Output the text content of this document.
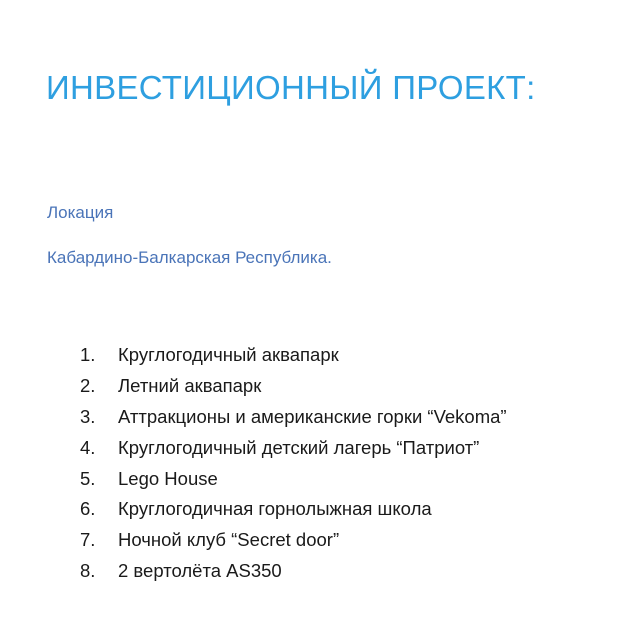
ИНВЕСТИЦИОННЫЙ ПРОЕКТ:
Локация
Кабардино-Балкарская Республика.
1.	Круглогодичный аквапарк
2.	Летний аквапарк
3.	Аттракционы и американские горки “Vekoma”
4.	Круглогодичный детский лагерь “Патриот”
5.	Lego House
6.	Круглогодичная горнолыжная школа
7.	Ночной клуб “Secret door”
8.	2 вертолёта AS350
